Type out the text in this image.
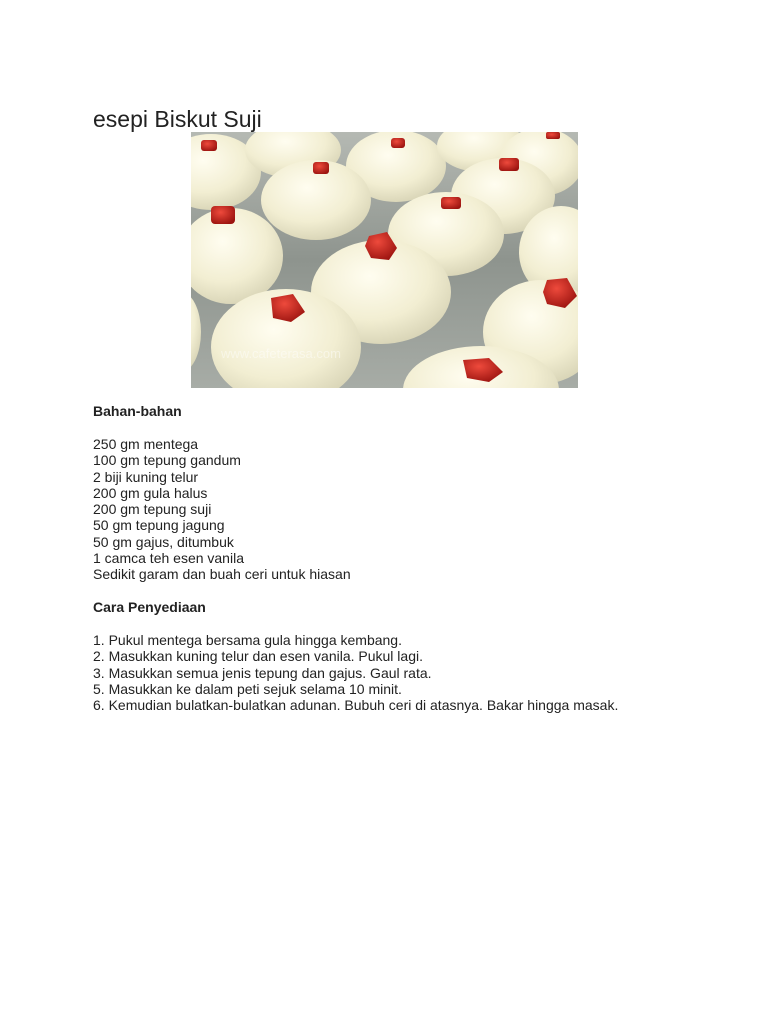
esepi Biskut Suji
www.cafeterasa.com
Bahan-bahan
250 gm mentega
100 gm tepung gandum
2 biji kuning telur
200 gm gula halus
200 gm tepung suji
50 gm tepung jagung
50 gm gajus, ditumbuk
1 camca teh esen vanila
Sedikit garam dan buah ceri untuk hiasan
Cara Penyediaan
1. Pukul mentega bersama gula hingga kembang.
2. Masukkan kuning telur dan esen vanila. Pukul lagi.
3. Masukkan semua jenis tepung dan gajus. Gaul rata.
5. Masukkan ke dalam peti sejuk selama 10 minit.
6. Kemudian bulatkan-bulatkan adunan. Bubuh ceri di atasnya. Bakar hingga masak.
